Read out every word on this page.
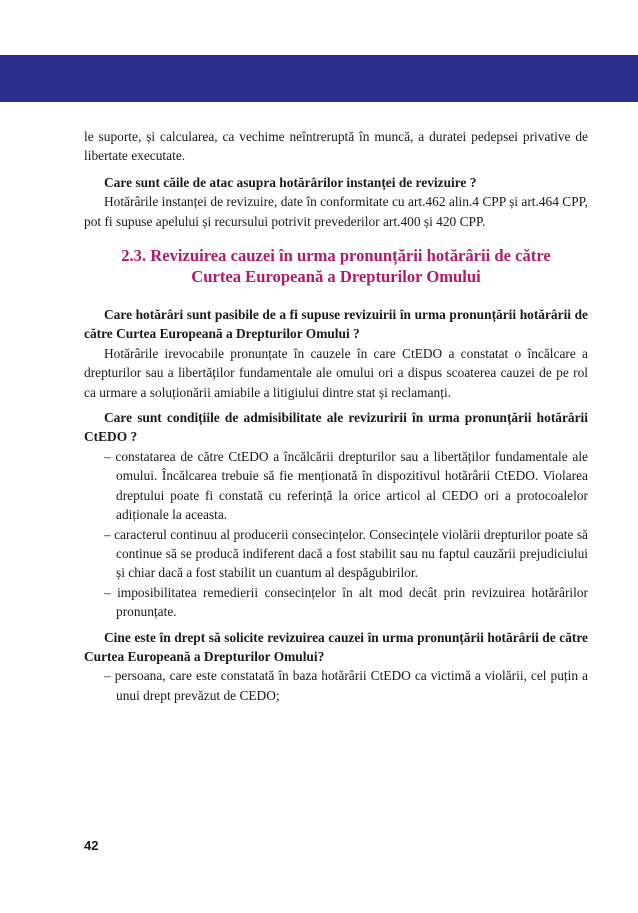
le suporte, și calcularea, ca vechime neîntreruptă în muncă, a duratei pedepsei privative de libertate executate.

Care sunt căile de atac asupra hotărârilor instanței de revizuire ?

Hotărârile instanței de revizuire, date în conformitate cu art.462 alin.4 CPP și art.464 CPP, pot fi supuse apelului și recursului potrivit prevederilor art.400 și 420 CPP.

2.3. Revizuirea cauzei în urma pronunțării hotărârii de către
Curtea Europeană a Drepturilor Omului

Care hotărâri sunt pasibile de a fi supuse revizuirii în urma pronunțării hotărârii de către Curtea Europeană a Drepturilor Omului ?

Hotărârile irevocabile pronunțate în cauzele în care CtEDO a constatat o încălcare a drepturilor sau a libertăților fundamentale ale omului ori a dispus scoaterea cauzei de pe rol ca urmare a soluționării amiabile a litigiului dintre stat și reclamanți.

Care sunt condițiile de admisibilitate ale revizuririi în urma pronunțării hotărârii CtEDO ?

– constatarea de către CtEDO a încălcării drepturilor sau a libertăților fundamentale ale omului. Încălcarea trebuie să fie menționată în dispozitivul hotărârii CtEDO. Violarea dreptului poate fi constată cu referință la orice articol al CEDO ori a protocoalelor adiționale la aceasta.
– caracterul continuu al producerii consecințelor. Consecințele violării drepturilor poate să continue să se producă indiferent dacă a fost stabilit sau nu faptul cauzării prejudiciului și chiar dacă a fost stabilit un cuantum al despăgubirilor.
– imposibilitatea remedierii consecințelor în alt mod decât prin revizuirea hotărârilor pronunțate.

Cine este în drept să solicite revizuirea cauzei în urma pronunțării hotărârii de către Curtea Europeană a Drepturilor Omului?

– persoana, care este constatată în baza hotărârii CtEDO ca victimă a violării, cel puțin a unui drept prevăzut de CEDO;
42
